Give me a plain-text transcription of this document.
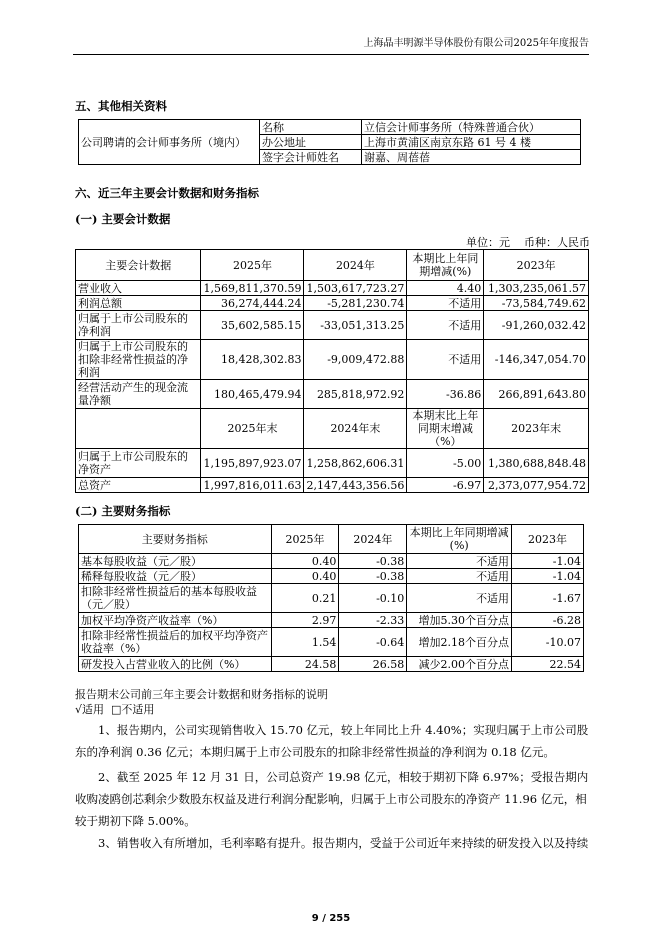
上海晶丰明源半导体股份有限公司2025年年度报告
五、其他相关资料
公司聘请的会计师事务所（境内）	名称	立信会计师事务所（特殊普通合伙）
	办公地址	上海市黄浦区南京东路 61 号 4 楼
	签字会计师姓名	谢嘉、周蓓蓓
六、近三年主要会计数据和财务指标
(一) 主要会计数据
单位：元    币种：人民币
主要会计数据	2025年	2024年	本期比上年同期增减(%)	2023年
营业收入	1,569,811,370.59	1,503,617,723.27	4.40	1,303,235,061.57
利润总额	36,274,444.24	-5,281,230.74	不适用	-73,584,749.62
归属于上市公司股东的净利润	35,602,585.15	-33,051,313.25	不适用	-91,260,032.42
归属于上市公司股东的扣除非经常性损益的净利润	18,428,302.83	-9,009,472.88	不适用	-146,347,054.70
经营活动产生的现金流量净额	180,465,479.94	285,818,972.92	-36.86	266,891,643.80
	2025年末	2024年末	本期末比上年同期末增减（%）	2023年末
归属于上市公司股东的净资产	1,195,897,923.07	1,258,862,606.31	-5.00	1,380,688,848.48
总资产	1,997,816,011.63	2,147,443,356.56	-6.97	2,373,077,954.72
(二) 主要财务指标
主要财务指标	2025年	2024年	本期比上年同期增减(%)	2023年
基本每股收益（元／股）	0.40	-0.38	不适用	-1.04
稀释每股收益（元／股）	0.40	-0.38	不适用	-1.04
扣除非经常性损益后的基本每股收益（元／股）	0.21	-0.10	不适用	-1.67
加权平均净资产收益率（%）	2.97	-2.33	增加5.30个百分点	-6.28
扣除非经常性损益后的加权平均净资产收益率（%）	1.54	-0.64	增加2.18个百分点	-10.07
研发投入占营业收入的比例（%）	24.58	26.58	减少2.00个百分点	22.54
报告期末公司前三年主要会计数据和财务指标的说明
√适用  □不适用
1、报告期内，公司实现销售收入 15.70 亿元，较上年同比上升 4.40%；实现归属于上市公司股东的净利润 0.36 亿元；本期归属于上市公司股东的扣除非经常性损益的净利润为 0.18 亿元。
2、截至 2025 年 12 月 31 日，公司总资产 19.98 亿元，相较于期初下降 6.97%；受报告期内收购凌鸥创芯剩余少数股东权益及进行利润分配影响，归属于上市公司股东的净资产 11.96 亿元，相较于期初下降 5.00%。
3、销售收入有所增加，毛利率略有提升。报告期内，受益于公司近年来持续的研发投入以及持续
9 / 255
